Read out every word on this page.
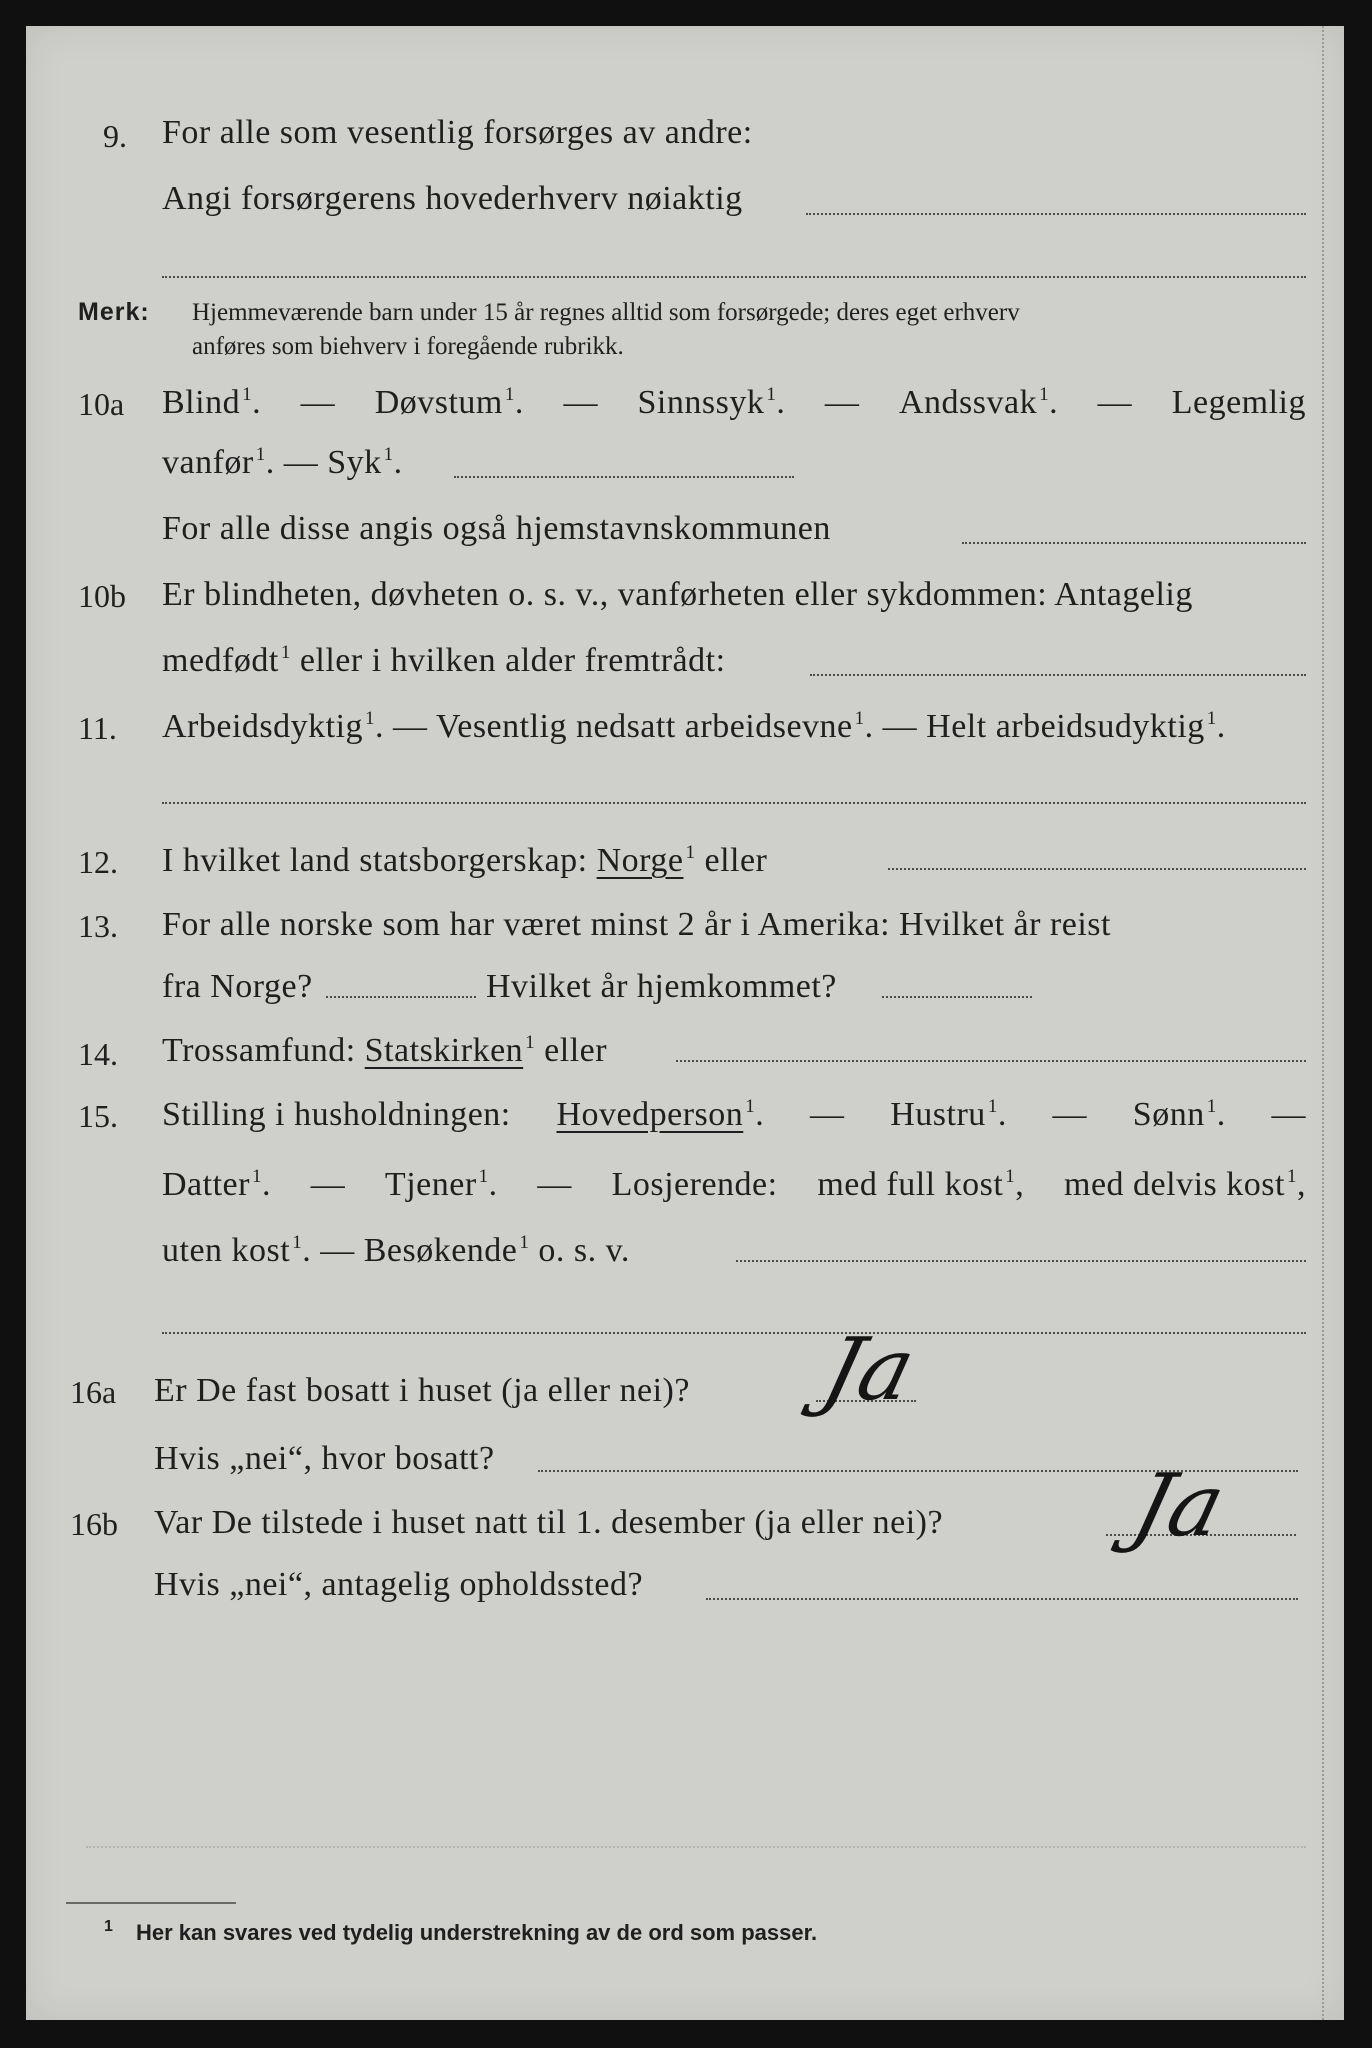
9. For alle som vesentlig forsørges av andre:
Angi forsørgerens hovederhverv nøiaktig
Merk: Hjemmeværende barn under 15 år regnes alltid som forsørgede; deres eget erhverv
anføres som biehverv i foregående rubrikk.
10a Blind $^1$. — Døvstum $^1$. — Sinnssyk $^1$. — Andssvak $^1$. — Legemlig
vanfør $^1$. — Syk $^1$.
For alle disse angis også hjemstavnskommunen
10b Er blindheten, døvheten o. s. v., vanførheten eller sykdommen: Antagelig
medfødt $^1$ eller i hvilken alder fremtrådt:
11. Arbeidsdyktig $^1$. — Vesentlig nedsatt arbeidsevne $^1$. — Helt arbeidsudyktig $^1$.
12. I hvilket land statsborgerskap: Norge $^1$ eller
13. For alle norske som har været minst 2 år i Amerika: Hvilket år reist
fra Norge?	Hvilket år hjemkommet?
14. Trossamfund: Statskirken $^1$ eller
15. Stilling i husholdningen: Hovedperson $^1$. — Hustru $^1$. — Sønn $^1$. —
Datter $^1$. — Tjener $^1$. — Losjerende: med full kost $^1$, med delvis kost $^1$,
uten kost $^1$. — Besøkende $^1$ o. s. v.
16a Er De fast bosatt i huset (ja eller nei)? Ja
Hvis „nei“, hvor bosatt?
16b Var De tilstede i huset natt til 1. desember (ja eller nei)? Ja
Hvis „nei“, antagelig opholdssted?
1 Her kan svares ved tydelig understrekning av de ord som passer.
